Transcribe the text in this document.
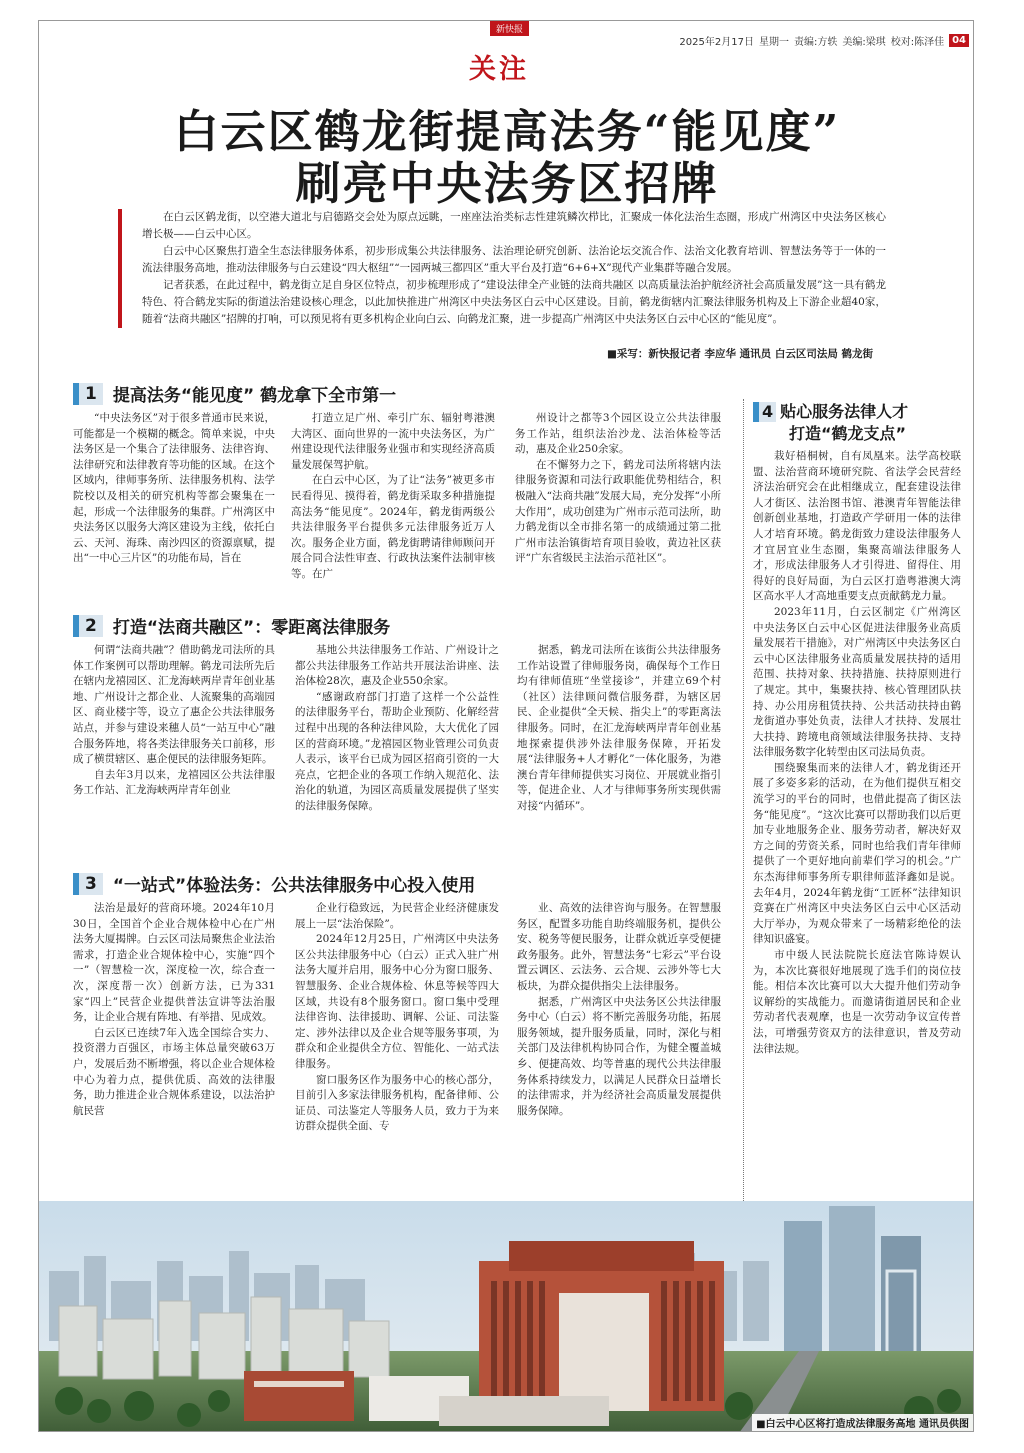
新快报
关注
2025年2月17日 星期一 责编:方轶 美编:梁琪 校对:陈泽佳 04
白云区鹤龙街提高法务“能见度”
刷亮中央法务区招牌

在白云区鹤龙街，以空港大道北与启德路交会处为原点远眺，一座座法治类标志性建筑鳞次栉比，汇聚成一体化法治生态圈，形成广州湾区中央法务区核心增长极——白云中心区。

白云中心区聚焦打造全生态法律服务体系，初步形成集公共法律服务、法治理论研究创新、法治论坛交流合作、法治文化教育培训、智慧法务等于一体的一流法律服务高地，推动法律服务与白云建设“四大枢纽”“一园两城三都四区”重大平台及打造“6+6+X”现代产业集群等融合发展。

记者获悉，在此过程中，鹤龙街立足自身区位特点，初步梳理形成了“建设法律全产业链的法商共融区 以高质量法治护航经济社会高质量发展”这一具有鹤龙特色、符合鹤龙实际的街道法治建设核心理念，以此加快推进广州湾区中央法务区白云中心区建设。目前，鹤龙街辖内汇聚法律服务机构及上下游企业超40家，随着“法商共融区”招牌的打响，可以预见将有更多机构企业向白云、向鹤龙汇聚，进一步提高广州湾区中央法务区白云中心区的“能见度”。

■采写：新快报记者 李应华 通讯员 白云区司法局 鹤龙街
1 提高法务“能见度” 鹤龙拿下全市第一

“中央法务区”对于很多普通市民来说，可能都是一个模糊的概念。简单来说，中央法务区是一个集合了法律服务、法律咨询、法律研究和法律教育等功能的区域。在这个区域内，律师事务所、法律服务机构、法学院校以及相关的研究机构等都会聚集在一起，形成一个法律服务的集群。广州湾区中央法务区以服务大湾区建设为主线，依托白云、天河、海珠、南沙四区的资源禀赋，提出“一中心三片区”的功能布局，旨在

打造立足广州、牵引广东、辐射粤港澳大湾区、面向世界的一流中央法务区，为广州建设现代法律服务业强市和实现经济高质量发展保驾护航。

在白云中心区，为了让“法务”被更多市民看得见、摸得着，鹤龙街采取多种措施提高法务“能见度”。2024年，鹤龙街两级公共法律服务平台提供多元法律服务近万人次。服务企业方面，鹤龙街聘请律师顾问开展合同合法性审查、行政执法案件法制审核等。在广

州设计之都等3个园区设立公共法律服务工作站，组织法治沙龙、法治体检等活动，惠及企业250余家。

在不懈努力之下，鹤龙司法所将辖内法律服务资源和司法行政职能优势相结合，积极融入“法商共融”发展大局，充分发挥“小所大作用”，成功创建为广州市示范司法所，助力鹤龙街以全市排名第一的成绩通过第二批广州市法治镇街培育项目验收，黄边社区获评“广东省级民主法治示范社区”。

2 打造“法商共融区”：零距离法律服务

何谓“法商共融”？借助鹤龙司法所的具体工作案例可以帮助理解。鹤龙司法所先后在辖内龙禧园区、汇龙海峡两岸青年创业基地、广州设计之都企业、人流聚集的高端园区、商业楼宇等，设立了惠企公共法律服务站点，并参与建设来穗人员“一站互中心”融合服务阵地，将各类法律服务关口前移，形成了横贯辖区、惠企便民的法律服务矩阵。

自去年3月以来，龙禧园区公共法律服务工作站、汇龙海峡两岸青年创业

基地公共法律服务工作站、广州设计之都公共法律服务工作站共开展法治讲座、法治体检28次，惠及企业550余家。

“感谢政府部门打造了这样一个公益性的法律服务平台，帮助企业预防、化解经营过程中出现的各种法律风险，大大优化了园区的营商环境。”龙禧园区物业管理公司负责人表示，该平台已成为园区招商引资的一大亮点，它把企业的各项工作纳入规范化、法治化的轨道，为园区高质量发展提供了坚实的法律服务保障。

据悉，鹤龙司法所在该街公共法律服务工作站设置了律师服务岗，确保每个工作日均有律师值班“坐堂接诊”，并建立69个村（社区）法律顾问微信服务群，为辖区居民、企业提供“全天候、指尖上”的零距离法律服务。同时，在汇龙海峡两岸青年创业基地探索提供涉外法律服务保障，开拓发展“法律服务+人才孵化”一体化服务，为港澳台青年律师提供实习岗位、开展就业指引等，促进企业、人才与律师事务所实现供需对接“内循环”。

3 “一站式”体验法务：公共法律服务中心投入使用

法治是最好的营商环境。2024年10月30日，全国首个企业合规体检中心在广州法务大厦揭牌。白云区司法局聚焦企业法治需求，打造企业合规体检中心，实施“四个一”（智慧检一次，深度检一次，综合查一次，深度帮一次）创新方法，已为331家“四上”民营企业提供普法宣讲等法治服务，让企业合规有阵地、有举措、见成效。

白云区已连续7年入选全国综合实力、投资潜力百强区，市场主体总量突破63万户，发展后劲不断增强，将以企业合规体检中心为着力点，提供优质、高效的法律服务，助力推进企业合规体系建设，以法治护航民营

企业行稳致远，为民营企业经济健康发展上一层“法治保险”。

2024年12月25日，广州湾区中央法务区公共法律服务中心（白云）正式入驻广州法务大厦并启用，服务中心分为窗口服务、智慧服务、企业合规体检、休息等候等四大区域，共设有8个服务窗口。窗口集中受理法律咨询、法律援助、调解、公证、司法鉴定、涉外法律以及企业合规等服务事项，为群众和企业提供全方位、智能化、一站式法律服务。

窗口服务区作为服务中心的核心部分，目前引入多家法律服务机构，配备律师、公证员、司法鉴定人等服务人员，致力于为来访群众提供全面、专

业、高效的法律咨询与服务。在智慧服务区，配置多功能自助终端服务机，提供公安、税务等便民服务，让群众就近享受便捷政务服务。此外，智慧法务“七彩云”平台设置云调区、云法务、云合规、云涉外等七大板块，为群众提供指尖上法律服务。

据悉，广州湾区中央法务区公共法律服务中心（白云）将不断完善服务功能，拓展服务领域，提升服务质量，同时，深化与相关部门及法律机构协同合作，为健全覆盖城乡、便捷高效、均等普惠的现代公共法律服务体系持续发力，以满足人民群众日益增长的法律需求，并为经济社会高质量发展提供服务保障。

4 贴心服务法律人才
打造“鹤龙支点”

栽好梧桐树，自有凤凰来。法学高校联盟、法治营商环境研究院、省法学会民营经济法治研究会在此相继成立，配套建设法律人才街区、法治图书馆、港澳青年智能法律创新创业基地，打造政产学研用一体的法律人才培育环境。鹤龙街致力建设法律服务人才宜居宜业生态圈，集聚高端法律服务人才，形成法律服务人才引得进、留得住、用得好的良好局面，为白云区打造粤港澳大湾区高水平人才高地重要支点贡献鹤龙力量。

2023年11月，白云区制定《广州湾区中央法务区白云中心区促进法律服务业高质量发展若干措施》，对广州湾区中央法务区白云中心区法律服务业高质量发展扶持的适用范围、扶持对象、扶持措施、扶持原则进行了规定。其中，集聚扶持、核心管理团队扶持、办公用房租赁扶持、公共活动扶持由鹤龙街道办事处负责，法律人才扶持、发展壮大扶持、跨境电商领域法律服务扶持、支持法律服务数字化转型由区司法局负责。

围绕聚集而来的法律人才，鹤龙街还开展了多姿多彩的活动，在为他们提供互相交流学习的平台的同时，也借此提高了街区法务“能见度”。“这次比赛可以帮助我们以后更加专业地服务企业、服务劳动者，解决好双方之间的劳资关系，同时也给我们青年律师提供了一个更好地向前辈们学习的机会。”广东杰海律师事务所专职律师蓝泽鑫如是说。去年4月，2024年鹤龙街“工匠杯”法律知识竞赛在广州湾区中央法务区白云中心区活动大厅举办，为观众带来了一场精彩绝伦的法律知识盛宴。

市中级人民法院院长庭法官陈诗娱认为，本次比赛很好地展现了选手们的岗位技能。相信本次比赛可以大大提升他们劳动争议解纷的实战能力。而邀请街道居民和企业劳动者代表观摩，也是一次劳动争议宣传普法，可增强劳资双方的法律意识，普及劳动法律法规。

■白云中心区将打造成法律服务高地 通讯员供图
